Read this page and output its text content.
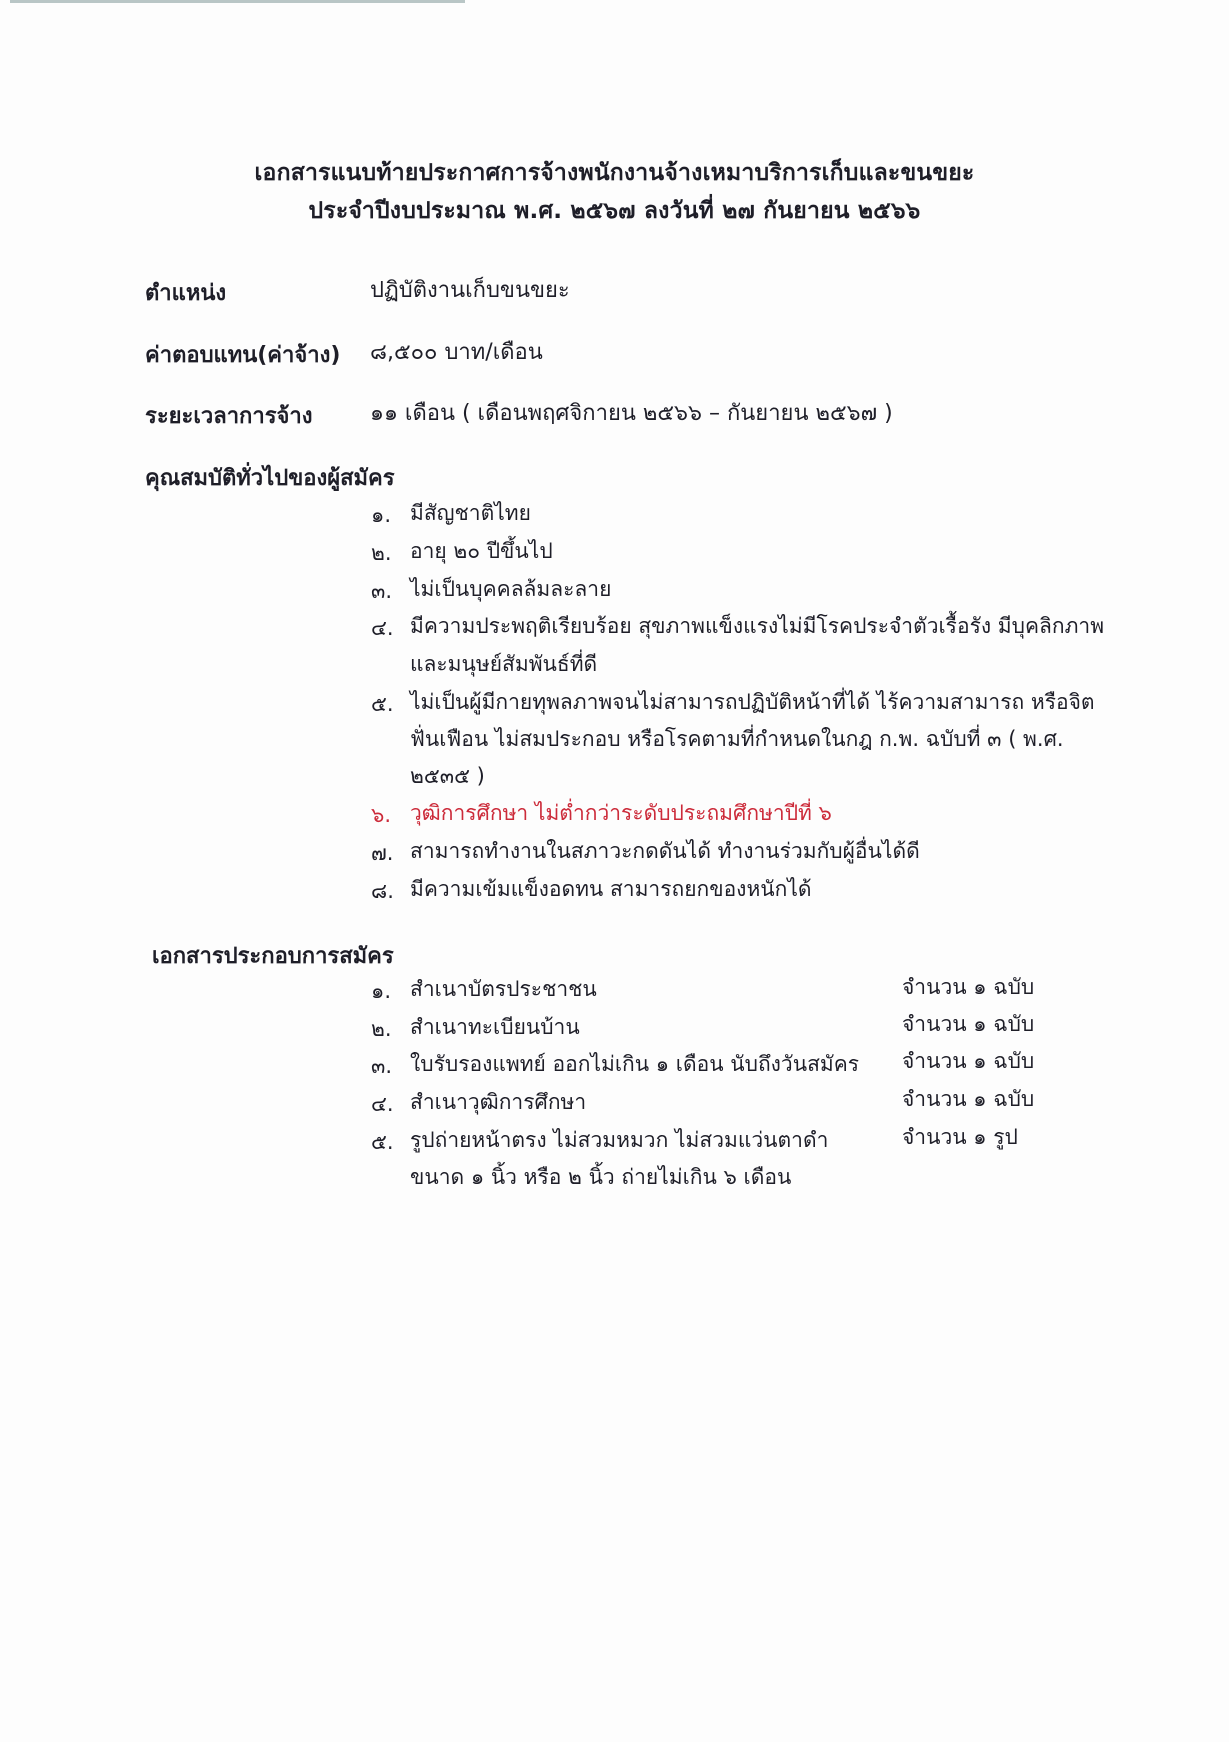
เอกสารแนบท้ายประกาศการจ้างพนักงานจ้างเหมาบริการเก็บและขนขยะ
ประจำปีงบประมาณ พ.ศ. ๒๕๖๗ ลงวันที่ ๒๗ กันยายน ๒๕๖๖
ตำแหน่ง	ปฏิบัติงานเก็บขนขยะ
ค่าตอบแทน(ค่าจ้าง) ๘,๕๐๐ บาท/เดือน
ระยะเวลาการจ้าง	๑๑ เดือน ( เดือนพฤศจิกายน ๒๕๖๖ – กันยายน ๒๕๖๗ )
คุณสมบัติทั่วไปของผู้สมัคร
๑. มีสัญชาติไทย
๒. อายุ ๒๐ ปีขึ้นไป
๓. ไม่เป็นบุคคลล้มละลาย
๔. มีความประพฤติเรียบร้อย สุขภาพแข็งแรงไม่มีโรคประจำตัวเรื้อรัง มีบุคลิกภาพ
และมนุษย์สัมพันธ์ที่ดี
๕. ไม่เป็นผู้มีกายทุพลภาพจนไม่สามารถปฏิบัติหน้าที่ได้ ไร้ความสามารถ หรือจิต
ฟั่นเฟือน ไม่สมประกอบ หรือโรคตามที่กำหนดในกฎ ก.พ. ฉบับที่ ๓ ( พ.ศ.
๒๕๓๕ )
๖. วุฒิการศึกษา ไม่ต่ำกว่าระดับประถมศึกษาปีที่ ๖
๗. สามารถทำงานในสภาวะกดดันได้ ทำงานร่วมกับผู้อื่นได้ดี
๘. มีความเข้มแข็งอดทน สามารถยกของหนักได้
เอกสารประกอบการสมัคร
๑. สำเนาบัตรประชาชน	จำนวน ๑ ฉบับ
๒. สำเนาทะเบียนบ้าน	จำนวน ๑ ฉบับ
๓. ใบรับรองแพทย์ ออกไม่เกิน ๑ เดือน นับถึงวันสมัคร จำนวน ๑ ฉบับ
๔. สำเนาวุฒิการศึกษา	จำนวน ๑ ฉบับ
๕. รูปถ่ายหน้าตรง ไม่สวมหมวก ไม่สวมแว่นตาดำ
ขนาด ๑ นิ้ว หรือ ๒ นิ้ว ถ่ายไม่เกิน ๖ เดือน
จำนวน ๑ รูป
